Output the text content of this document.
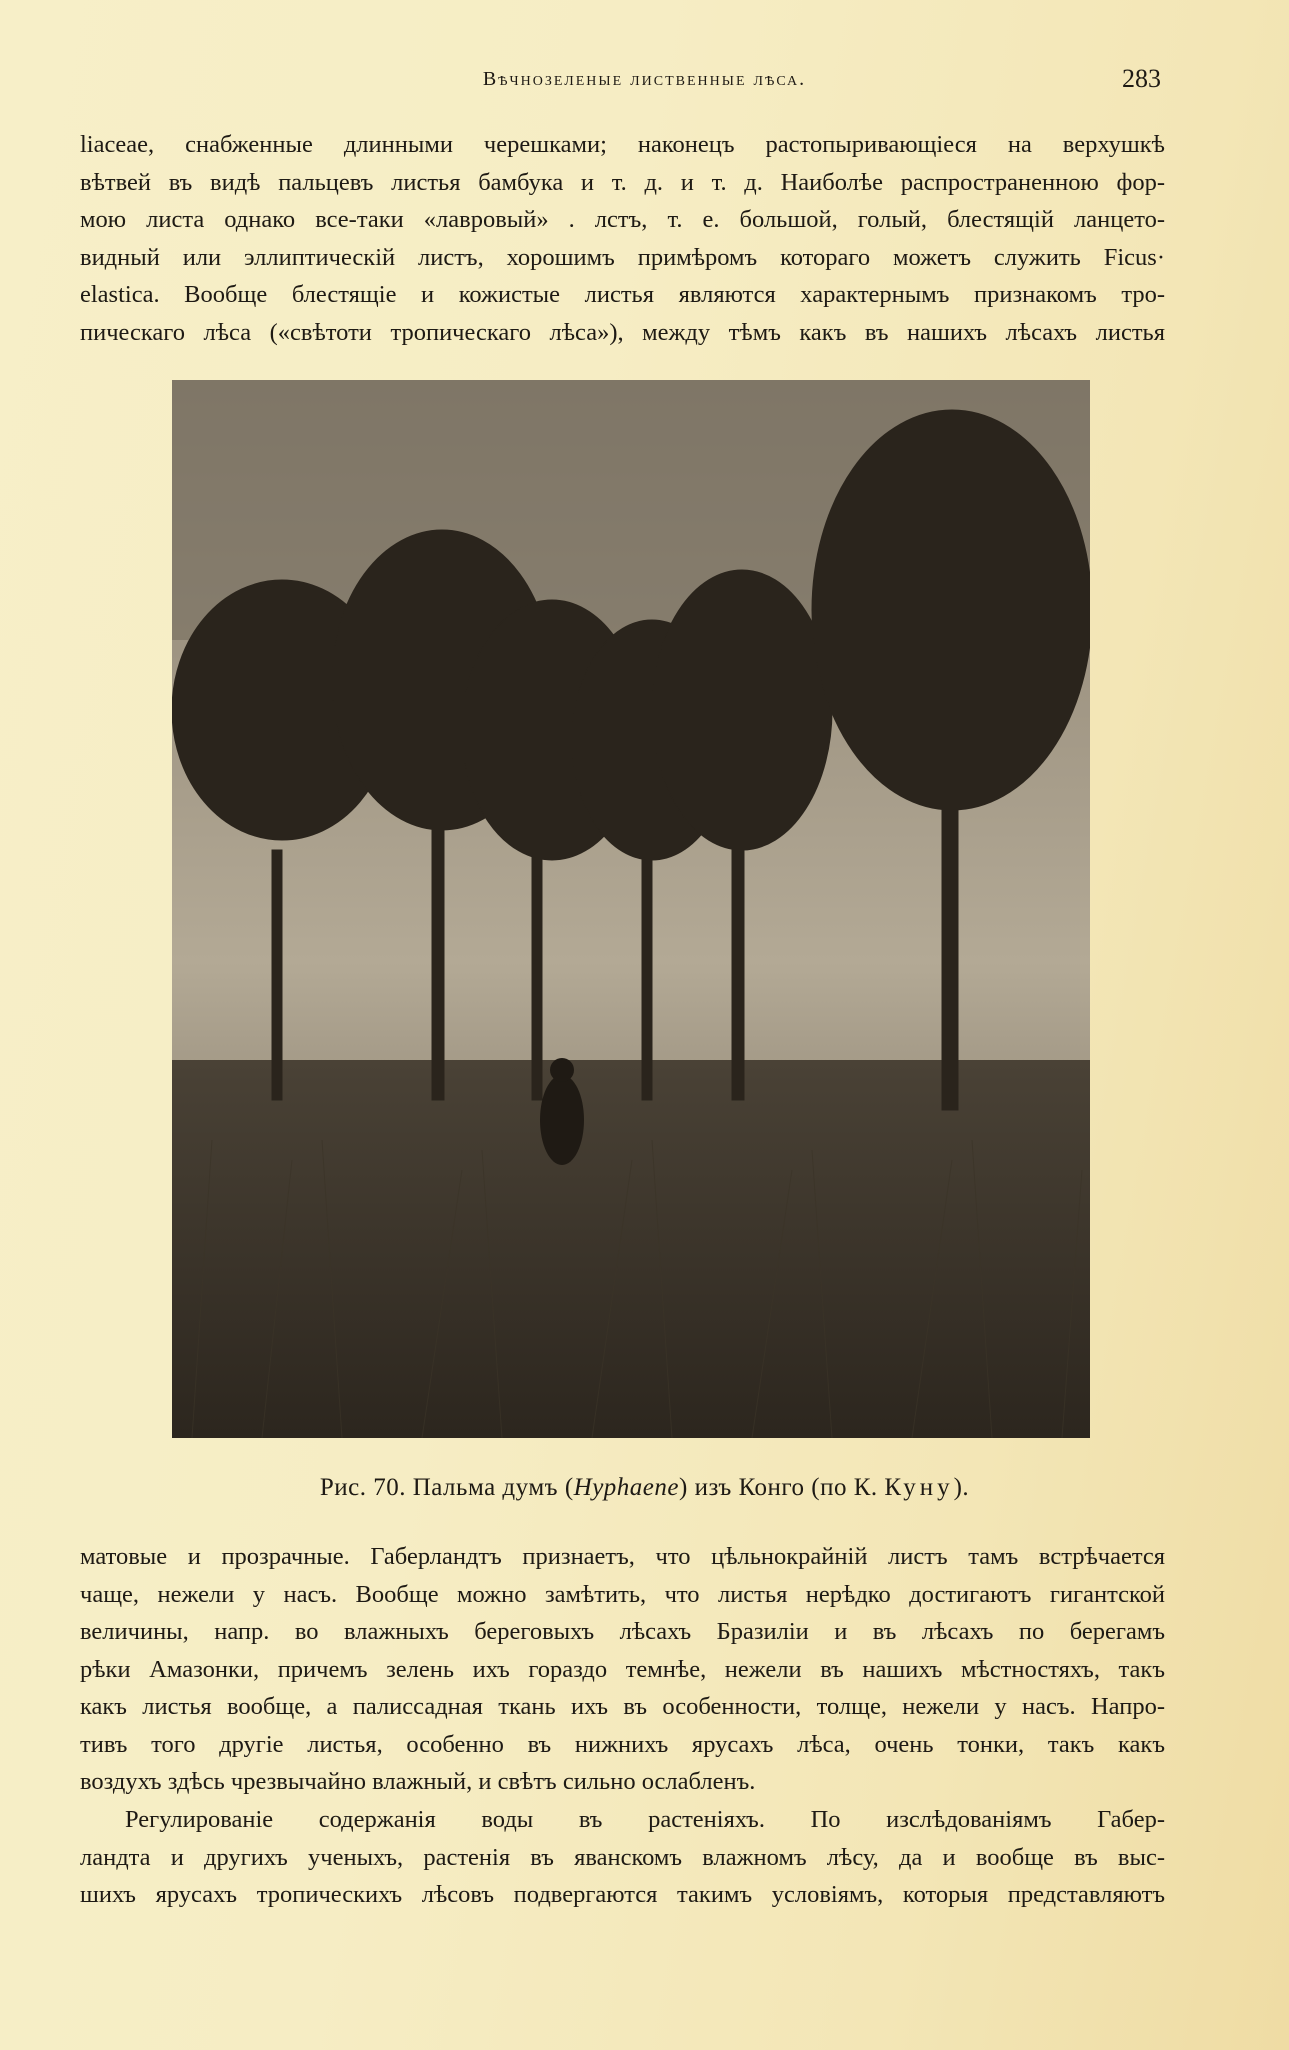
Вѣчнозеленые лиственные лѣса.	283
liaceae, снабженные длинными черешками; наконецъ растопыривающіеся на верхушкѣ
вѣтвей въ видѣ пальцевъ листья бамбука и т. д. и т. д. Наиболѣе распространенною фор-
мою листа однако все-таки «лавровый» . лстъ, т. е. большой, голый, блестящій ланцето-
видный или эллиптическій листъ, хорошимъ примѣромъ котораго можетъ служить Ficus·
elastica. Вообще блестящіе и кожистые листья являются характернымъ признакомъ тро-
пическаго лѣса («свѣтоти тропическаго лѣса»), между тѣмъ какъ въ нашихъ лѣсахъ листья
Рис. 70. Пальма думъ (Hyphaene) изъ Конго (по К. Куну).
матовые и прозрачные. Габерландтъ признаетъ, что цѣльнокрайній листъ тамъ встрѣчается
чаще, нежели у насъ. Вообще можно замѣтить, что листья нерѣдко достигаютъ гигантской
величины, напр. во влажныхъ береговыхъ лѣсахъ Бразиліи и въ лѣсахъ по берегамъ
рѣки Амазонки, причемъ зелень ихъ гораздо темнѣе, нежели въ нашихъ мѣстностяхъ, такъ
какъ листья вообще, а палиссадная ткань ихъ въ особенности, толще, нежели у насъ. Напро-
тивъ того другіе листья, особенно въ нижнихъ ярусахъ лѣса, очень тонки, такъ какъ
воздухъ здѣсь чрезвычайно влажный, и свѣтъ сильно ослабленъ.
Регулированіе содержанія воды въ растеніяхъ. По изслѣдованіямъ Габер-
ландта и другихъ ученыхъ, растенія въ яванскомъ влажномъ лѣсу, да и вообще въ выс-
шихъ ярусахъ тропическихъ лѣсовъ подвергаются такимъ условіямъ, которыя представляютъ
